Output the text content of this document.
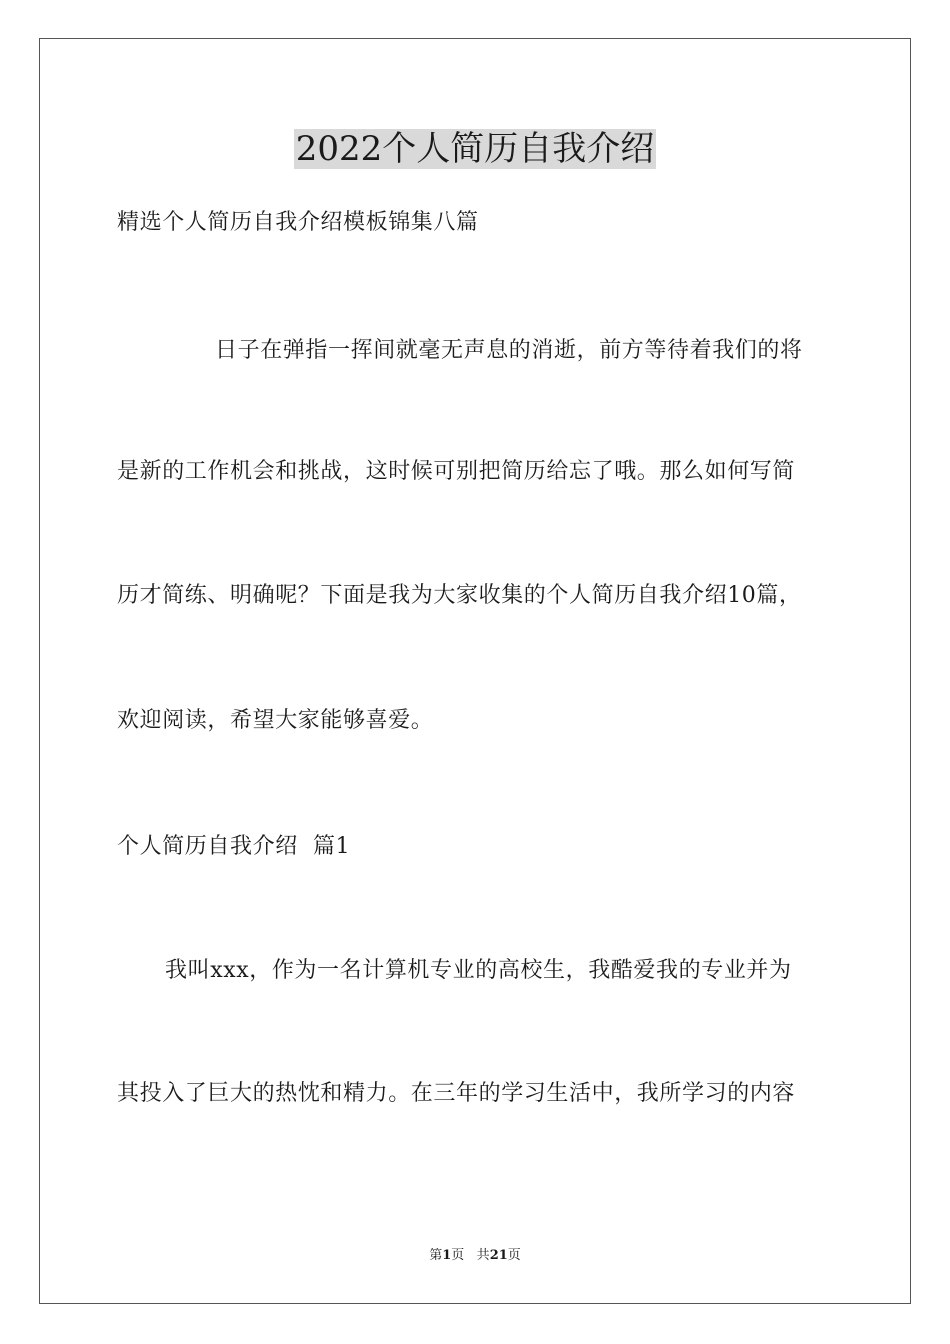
2022个人简历自我介绍
精选个人简历自我介绍模板锦集八篇
日子在弹指一挥间就毫无声息的消逝，前方等待着我们的将
是新的工作机会和挑战，这时候可别把简历给忘了哦。那么如何写简
历才简练、明确呢？下面是我为大家收集的个人简历自我介绍10篇，
欢迎阅读，希望大家能够喜爱。
个人简历自我介绍  篇1
我叫xxx，作为一名计算机专业的高校生，我酷爱我的专业并为
其投入了巨大的热忱和精力。在三年的学习生活中，我所学习的内容
第1页 共21页
